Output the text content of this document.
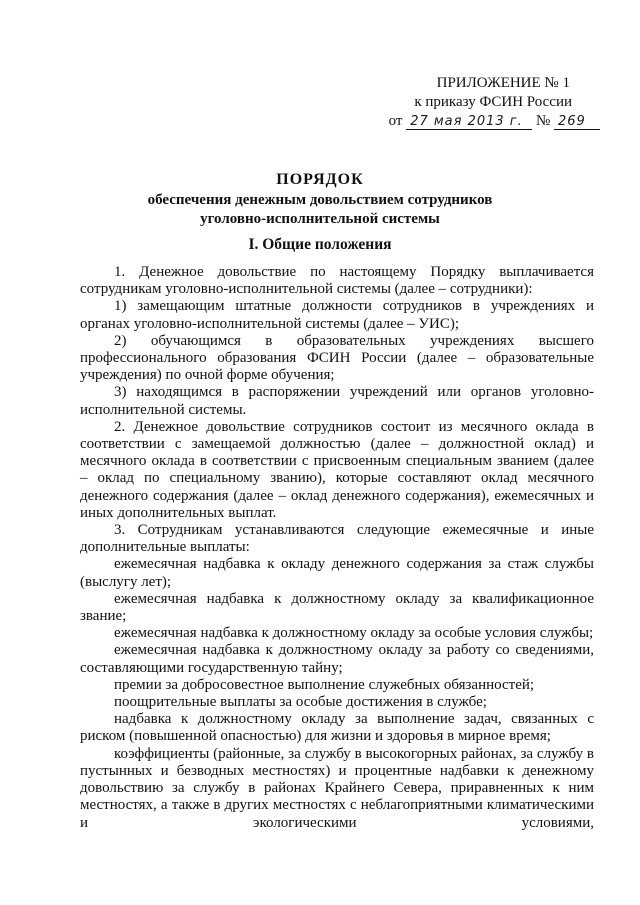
ПРИЛОЖЕНИЕ № 1
к приказу ФСИН России
от 27 мая 2013 г. № 269
ПОРЯДОК
обеспечения денежным довольствием сотрудников
уголовно-исполнительной системы
I. Общие положения

1. Денежное довольствие по настоящему Порядку выплачивается сотрудникам уголовно-исполнительной системы (далее – сотрудники):

1) замещающим штатные должности сотрудников в учреждениях и органах уголовно-исполнительной системы (далее – УИС);

2) обучающимся в образовательных учреждениях высшего профессионального образования ФСИН России (далее – образовательные учреждения) по очной форме обучения;

3) находящимся в распоряжении учреждений или органов уголовно-исполнительной системы.

2. Денежное довольствие сотрудников состоит из месячного оклада в соответствии с замещаемой должностью (далее – должностной оклад) и месячного оклада в соответствии с присвоенным специальным званием (далее – оклад по специальному званию), которые составляют оклад месячного денежного содержания (далее – оклад денежного содержания), ежемесячных и иных дополнительных выплат.

3. Сотрудникам устанавливаются следующие ежемесячные и иные дополнительные выплаты:

ежемесячная надбавка к окладу денежного содержания за стаж службы (выслугу лет);

ежемесячная надбавка к должностному окладу за квалификационное звание;

ежемесячная надбавка к должностному окладу за особые условия службы;

ежемесячная надбавка к должностному окладу за работу со сведениями, составляющими государственную тайну;

премии за добросовестное выполнение служебных обязанностей;

поощрительные выплаты за особые достижения в службе;

надбавка к должностному окладу за выполнение задач, связанных с риском (повышенной опасностью) для жизни и здоровья в мирное время;

коэффициенты (районные, за службу в высокогорных районах, за службу в пустынных и безводных местностях) и процентные надбавки к денежному довольствию за службу в районах Крайнего Севера, приравненных к ним местностях, а также в других местностях с неблагоприятными климатическими и экологическими условиями,
